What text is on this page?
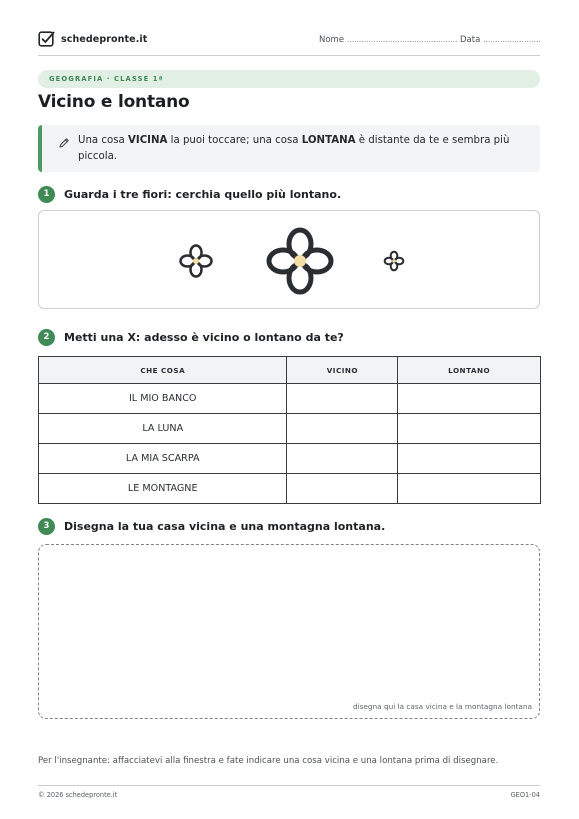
schedepronte.it	Nome .............................................. Data ........................
GEOGRAFIA · CLASSE 1ª
Vicino e lontano

Una cosa VICINA la puoi toccare; una cosa LONTANA è distante da te e sembra più piccola.

1	Guarda i tre fiori: cerchia quello più lontano.
2	Metti una X: adesso è vicino o lontano da te?
CHE COSA	VICINO	LONTANO
IL MIO BANCO		
LA LUNA		
LA MIA SCARPA		
LE MONTAGNE		
3	Disegna la tua casa vicina e una montagna lontana.
disegna qui la casa vicina e la montagna lontana

Per l'insegnante: affacciatevi alla finestra e fate indicare una cosa vicina e una lontana prima di disegnare.

© 2026 schedepronte.it	GEO1-04
